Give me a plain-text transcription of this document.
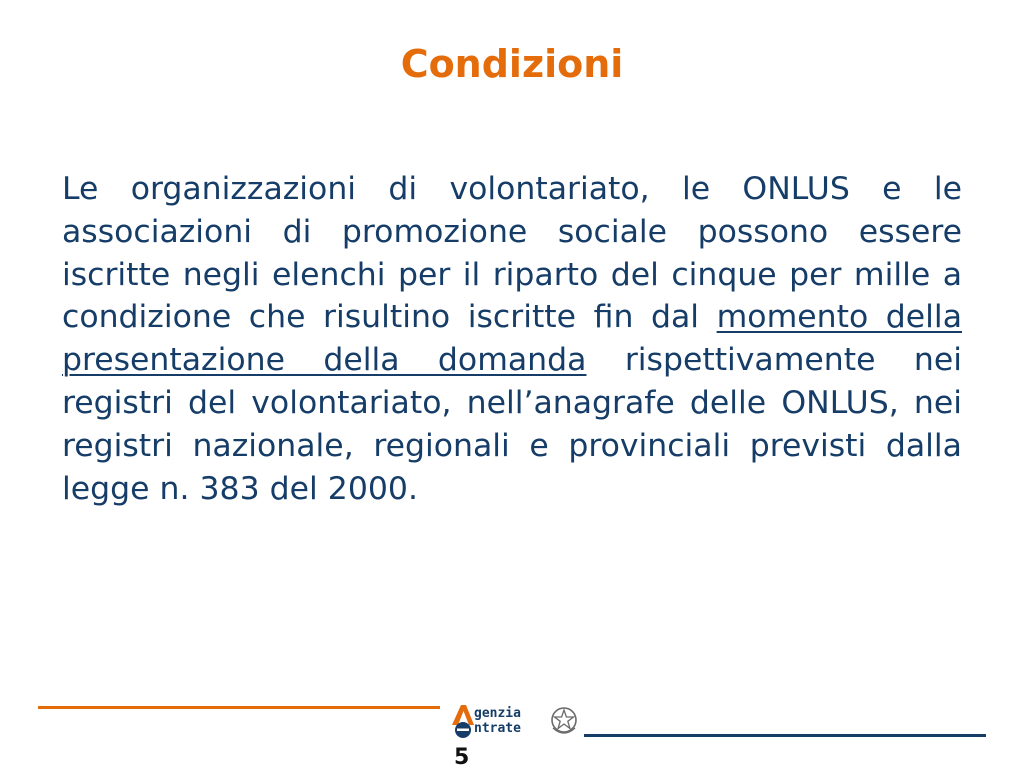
Condizioni

Le organizzazioni di volontariato, le ONLUS e le associazioni di promozione sociale possono essere iscritte negli elenchi per il riparto del cinque per mille a condizione che risultino iscritte fin dal momento della presentazione della domanda rispettivamente nei registri del volontariato, nell’anagrafe delle ONLUS, nei registri nazionale, regionali e provinciali previsti dalla legge n. 383 del 2000.

genzia
ntrate
5
